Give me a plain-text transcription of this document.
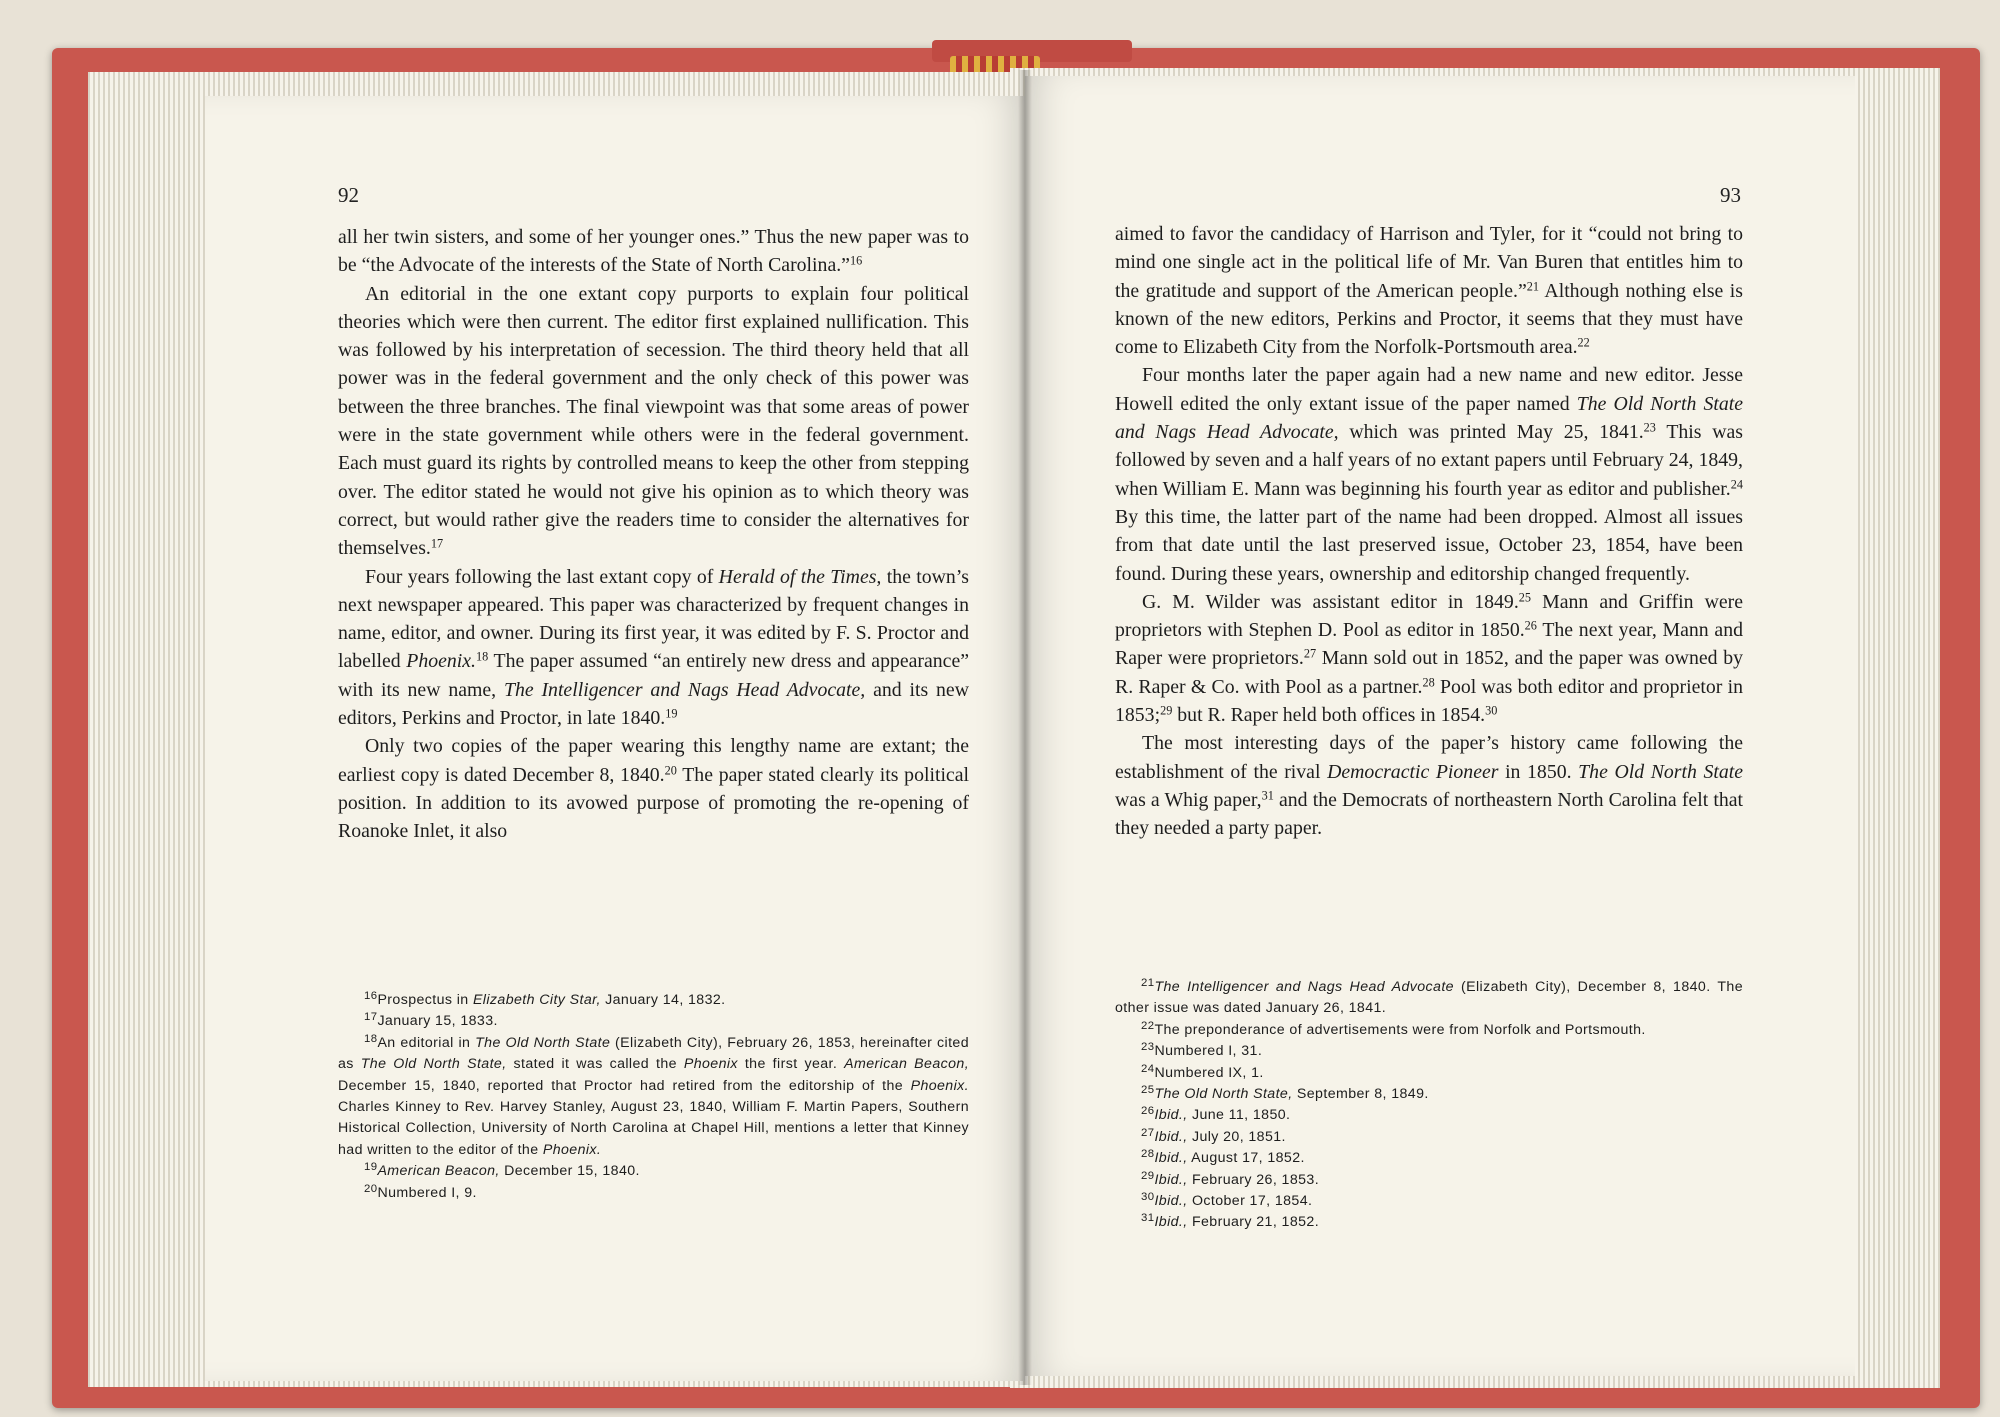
92

all her twin sisters, and some of her younger ones.” Thus the new paper was to be “the Advocate of the interests of the State of North Carolina.”$^{16}$

An editorial in the one extant copy purports to explain four political theories which were then current. The editor first explained nullification. This was followed by his interpretation of secession. The third theory held that all power was in the federal government and the only check of this power was between the three branches. The final viewpoint was that some areas of power were in the state government while others were in the federal government. Each must guard its rights by controlled means to keep the other from stepping over. The editor stated he would not give his opinion as to which theory was correct, but would rather give the readers time to consider the alternatives for themselves.$^{17}$

Four years following the last extant copy of Herald of the Times, the town’s next newspaper appeared. This paper was characterized by frequent changes in name, editor, and owner. During its first year, it was edited by F. S. Proctor and labelled Phoenix.$^{18}$ The paper assumed “an entirely new dress and appearance” with its new name, The Intelligencer and Nags Head Advocate, and its new editors, Perkins and Proctor, in late 1840.19

Only two copies of the paper wearing this lengthy name are extant; the earliest copy is dated December 8, 1840.20 The paper stated clearly its political position. In addition to its avowed purpose of promoting the re-opening of Roanoke Inlet, it also

$^{16}$Prospectus in Elizabeth City Star, January 14, 1832.

$^{17}$January 15, 1833.

$^{18}$An editorial in The Old North State (Elizabeth City), February 26, 1853, hereinafter cited as The Old North State, stated it was called the Phoenix the first year. American Beacon, December 15, 1840, reported that Proctor had retired from the editorship of the Phoenix. Charles Kinney to Rev. Harvey Stanley, August 23, 1840, William F. Martin Papers, Southern Historical Collection, University of North Carolina at Chapel Hill, mentions a letter that Kinney had written to the editor of the Phoenix.

$^{19}$American Beacon, December 15, 1840.

$^{20}$Numbered I, 9.

93

aimed to favor the candidacy of Harrison and Tyler, for it “could not bring to mind one single act in the political life of Mr. Van Buren that entitles him to the gratitude and support of the American people.”$^{21}$ Although nothing else is known of the new editors, Perkins and Proctor, it seems that they must have come to Elizabeth City from the Norfolk-Portsmouth area.$^{22}$

Four months later the paper again had a new name and new editor. Jesse Howell edited the only extant issue of the paper named The Old North State and Nags Head Advocate, which was printed May 25, 1841.23 This was followed by seven and a half years of no extant papers until February 24, 1849, when William E. Mann was beginning his fourth year as editor and publisher.$^{24}$ By this time, the latter part of the name had been dropped. Almost all issues from that date until the last preserved issue, October 23, 1854, have been found. During these years, ownership and editorship changed frequently.

G. M. Wilder was assistant editor in 1849.25 Mann and Griffin were proprietors with Stephen D. Pool as editor in 1850.26 The next year, Mann and Raper were proprietors.$^{27}$ Mann sold out in 1852, and the paper was owned by R. Raper & Co. with Pool as a partner.$^{28}$ Pool was both editor and proprietor in 1853;$^{29}$ but R. Raper held both offices in 1854.30

The most interesting days of the paper’s history came following the establishment of the rival Democractic Pioneer in 1850. The Old North State was a Whig paper,$^{31}$ and the Democrats of northeastern North Carolina felt that they needed a party paper.

$^{21}$The Intelligencer and Nags Head Advocate (Elizabeth City), December 8, 1840. The other issue was dated January 26, 1841.

$^{22}$The preponderance of advertisements were from Norfolk and Portsmouth.

$^{23}$Numbered I, 31.

$^{24}$Numbered IX, 1.

$^{25}$The Old North State, September 8, 1849.

$^{26}$Ibid., June 11, 1850.

$^{27}$Ibid., July 20, 1851.

$^{28}$Ibid., August 17, 1852.

$^{29}$Ibid., February 26, 1853.

$^{30}$Ibid., October 17, 1854.

$^{31}$Ibid., February 21, 1852.
